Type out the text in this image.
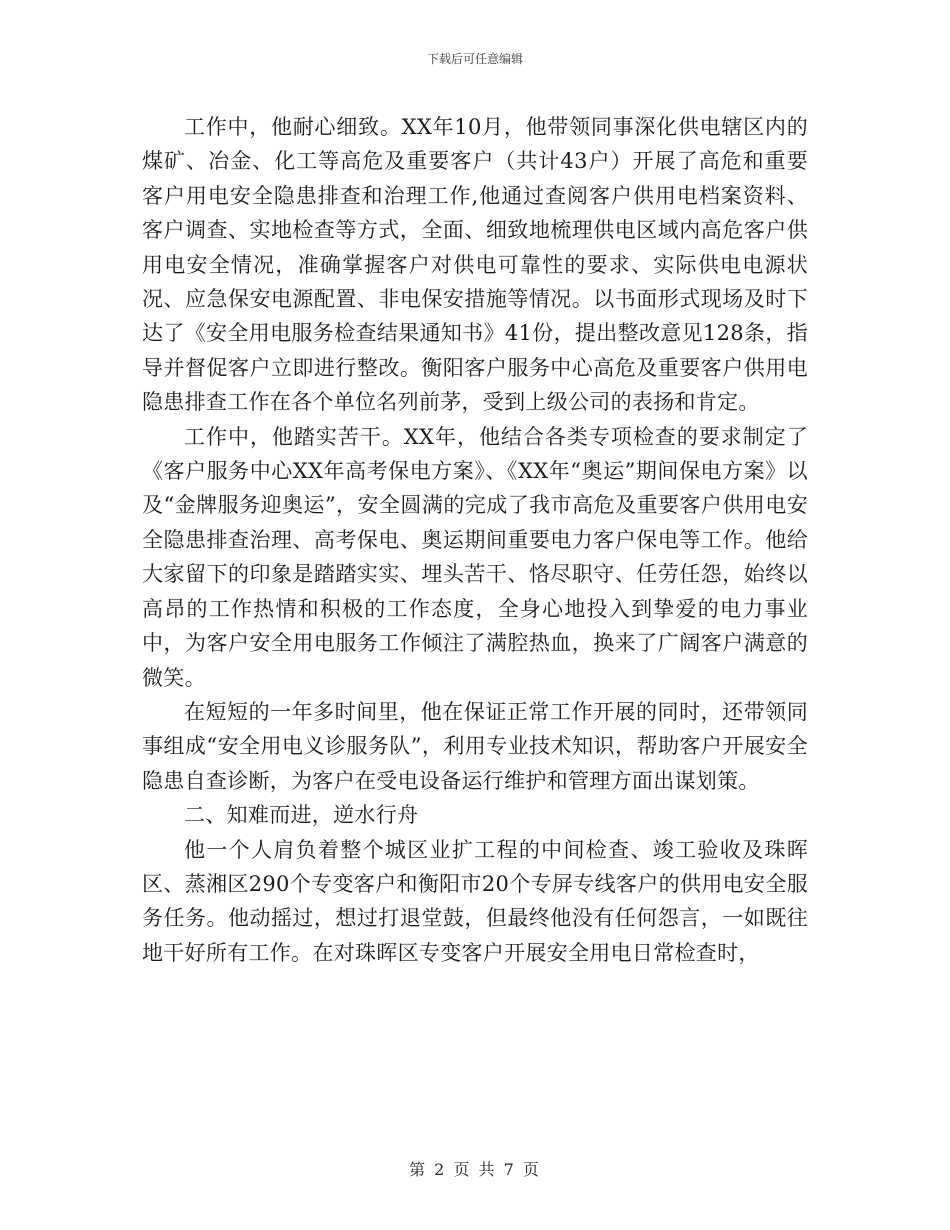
下载后可任意编辑

工作中，他耐心细致。XX年10月，他带领同事深化供电辖区内的煤矿、冶金、化工等高危及重要客户（共计43户）开展了高危和重要客户用电安全隐患排查和治理工作,他通过查阅客户供用电档案资料、客户调查、实地检查等方式，全面、细致地梳理供电区域内高危客户供用电安全情况，准确掌握客户对供电可靠性的要求、实际供电电源状况、应急保安电源配置、非电保安措施等情况。以书面形式现场及时下达了《安全用电服务检查结果通知书》41份，提出整改意见128条，指导并督促客户立即进行整改。衡阳客户服务中心高危及重要客户供用电隐患排查工作在各个单位名列前茅，受到上级公司的表扬和肯定。

工作中，他踏实苦干。XX年，他结合各类专项检查的要求制定了《客户服务中心XX年高考保电方案》、《XX年“奥运”期间保电方案》以及“金牌服务迎奥运”，安全圆满的完成了我市高危及重要客户供用电安全隐患排查治理、高考保电、奥运期间重要电力客户保电等工作。他给大家留下的印象是踏踏实实、埋头苦干、恪尽职守、任劳任怨，始终以高昂的工作热情和积极的工作态度，全身心地投入到挚爱的电力事业中，为客户安全用电服务工作倾注了满腔热血，换来了广阔客户满意的微笑。

在短短的一年多时间里，他在保证正常工作开展的同时，还带领同事组成“安全用电义诊服务队”，利用专业技术知识，帮助客户开展安全隐患自查诊断，为客户在受电设备运行维护和管理方面出谋划策。

二、知难而进，逆水行舟

他一个人肩负着整个城区业扩工程的中间检查、竣工验收及珠晖区、蒸湘区290个专变客户和衡阳市20个专屏专线客户的供用电安全服务任务。他动摇过，想过打退堂鼓，但最终他没有任何怨言，一如既往地干好所有工作。在对珠晖区专变客户开展安全用电日常检查时，

第 2 页 共 7 页
